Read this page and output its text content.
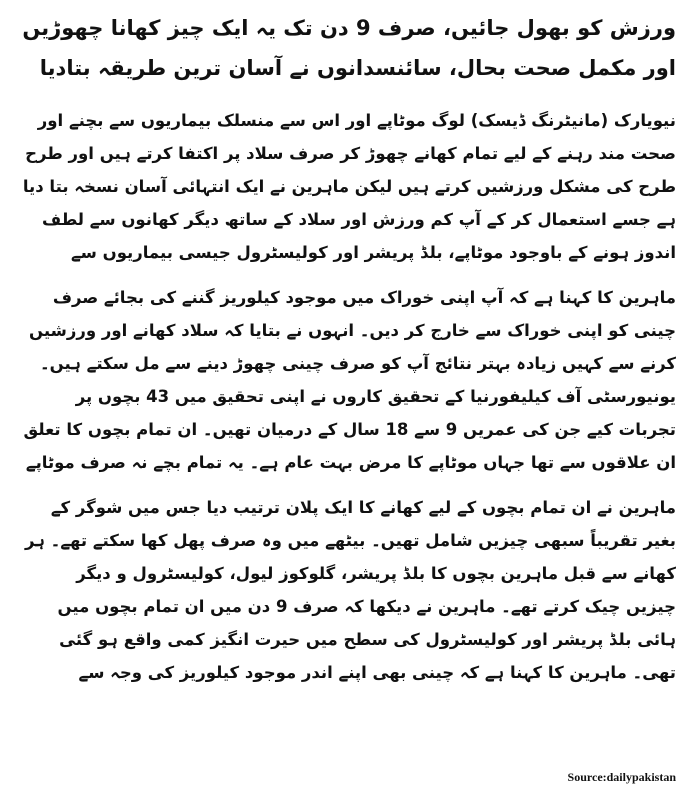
ورزش کو بھول جائیں، صرف 9 دن تک یہ ایک چیز کھانا چھوڑیں اور مکمل صحت بحال، سائنسدانوں نے آسان ترین طریقہ بتادیا

نیویارک (مانیٹرنگ ڈیسک) لوگ موٹاپے اور اس سے منسلک بیماریوں سے بچنے اور صحت مند رہنے کے لیے تمام کھانے چھوڑ کر صرف سلاد پر اکتفا کرتے ہیں اور طرح طرح کی مشکل ورزشیں کرتے ہیں لیکن ماہرین نے ایک انتہائی آسان نسخہ بتا دیا ہے جسے استعمال کر کے آپ کم ورزش اور سلاد کے ساتھ دیگر کھانوں سے لطف اندوز ہونے کے باوجود موٹاپے، بلڈ پریشر اور کولیسٹرول جیسی بیماریوں سے

ماہرین کا کہنا ہے کہ آپ اپنی خوراک میں موجود کیلوریز گننے کی بجائے صرف چینی کو اپنی خوراک سے خارج کر دیں۔ انہوں نے بتایا کہ سلاد کھانے اور ورزشیں کرنے سے کہیں زیادہ بہتر نتائج آپ کو صرف چینی چھوڑ دینے سے مل سکتے ہیں۔ یونیورسٹی آف کیلیفورنیا کے تحقیق کاروں نے اپنی تحقیق میں 43 بچوں پر تجربات کیے جن کی عمریں 9 سے 18 سال کے درمیان تھیں۔ ان تمام بچوں کا تعلق ان علاقوں سے تھا جہاں موٹاپے کا مرض بہت عام ہے۔ یہ تمام بچے نہ صرف موٹاپے

ماہرین نے ان تمام بچوں کے لیے کھانے کا ایک پلان ترتیب دیا جس میں شوگر کے بغیر تقریباً سبھی چیزیں شامل تھیں۔ بیٹھے میں وہ صرف پھل کھا سکتے تھے۔ ہر کھانے سے قبل ماہرین بچوں کا بلڈ پریشر، گلوکوز لیول، کولیسٹرول و دیگر چیزیں چیک کرتے تھے۔ ماہرین نے دیکھا کہ صرف 9 دن میں ان تمام بچوں میں ہائی بلڈ پریشر اور کولیسٹرول کی سطح میں حیرت انگیز کمی واقع ہو گئی تھی۔ ماہرین کا کہنا ہے کہ چینی بھی اپنے اندر موجود کیلوریز کی وجہ سے

Source:dailypakistan
